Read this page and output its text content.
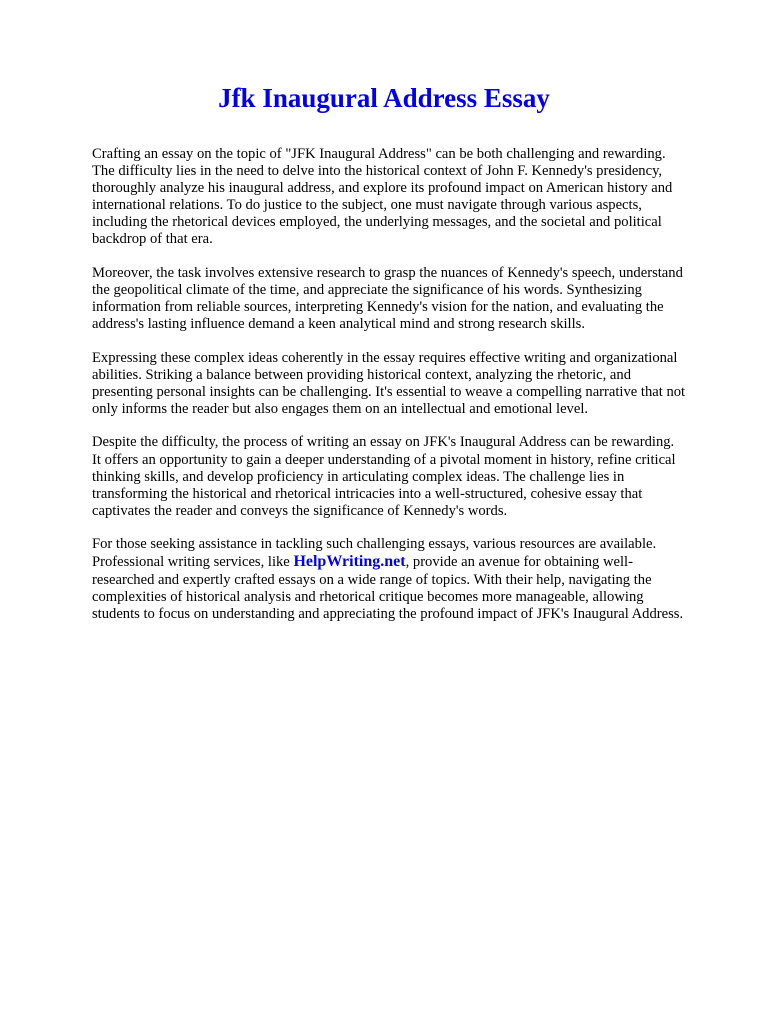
Jfk Inaugural Address Essay

Crafting an essay on the topic of "JFK Inaugural Address" can be both challenging and rewarding.
The difficulty lies in the need to delve into the historical context of John F. Kennedy's presidency,
thoroughly analyze his inaugural address, and explore its profound impact on American history and
international relations. To do justice to the subject, one must navigate through various aspects,
including the rhetorical devices employed, the underlying messages, and the societal and political
backdrop of that era.

Moreover, the task involves extensive research to grasp the nuances of Kennedy's speech, understand
the geopolitical climate of the time, and appreciate the significance of his words. Synthesizing
information from reliable sources, interpreting Kennedy's vision for the nation, and evaluating the
address's lasting influence demand a keen analytical mind and strong research skills.

Expressing these complex ideas coherently in the essay requires effective writing and organizational
abilities. Striking a balance between providing historical context, analyzing the rhetoric, and
presenting personal insights can be challenging. It's essential to weave a compelling narrative that not
only informs the reader but also engages them on an intellectual and emotional level.

Despite the difficulty, the process of writing an essay on JFK's Inaugural Address can be rewarding.
It offers an opportunity to gain a deeper understanding of a pivotal moment in history, refine critical
thinking skills, and develop proficiency in articulating complex ideas. The challenge lies in
transforming the historical and rhetorical intricacies into a well-structured, cohesive essay that
captivates the reader and conveys the significance of Kennedy's words.

For those seeking assistance in tackling such challenging essays, various resources are available.
Professional writing services, like HelpWriting.net, provide an avenue for obtaining well-
researched and expertly crafted essays on a wide range of topics. With their help, navigating the
complexities of historical analysis and rhetorical critique becomes more manageable, allowing
students to focus on understanding and appreciating the profound impact of JFK's Inaugural Address.
